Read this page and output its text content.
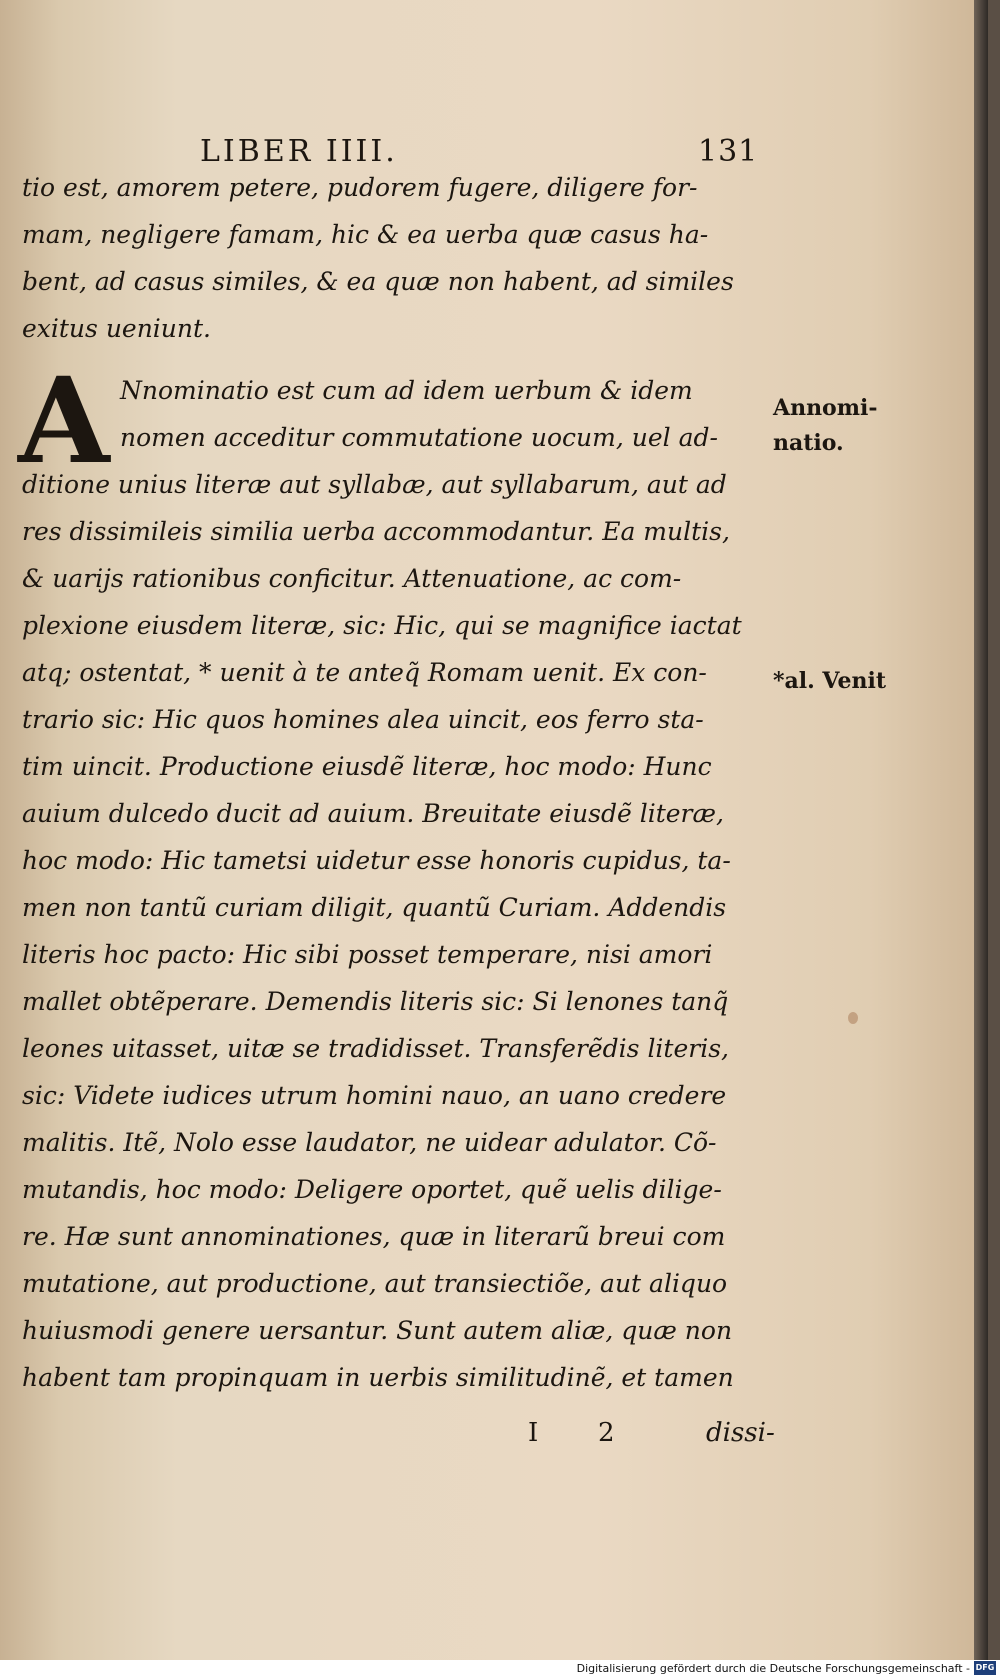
LIBER IIII.	131
tio est, amorem petere, pudorem fugere, diligere for-
mam, negligere famam, hic & ea uerba quæ casus ha-
bent, ad casus similes, & ea quæ non habent, ad similes
exitus ueniunt.
A Nnominatio est cum ad idem uerbum & idem
nomen acceditur commutatione uocum, uel ad-
ditione unius literæ aut syllabæ, aut syllabarum, aut ad
res dissimileis similia uerba accommodantur. Ea multis,
& uarijs rationibus conficitur. Attenuatione, ac com-
plexione eiusdem literæ, sic: Hic, qui se magnifice iactat
atq; ostentat, * uenit à te anteq̃ Romam uenit. Ex con-
trario sic: Hic quos homines alea uincit, eos ferro sta-
tim uincit. Productione eiusdẽ literæ, hoc modo: Hunc
auium dulcedo ducit ad auium. Breuitate eiusdẽ literæ,
hoc modo: Hic tametsi uidetur esse honoris cupidus, ta-
men non tantũ curiam diligit, quantũ Curiam. Addendis
literis hoc pacto: Hic sibi posset temperare, nisi amori
mallet obtẽperare. Demendis literis sic: Si lenones tanq̃
leones uitasset, uitæ se tradidisset. Transferẽdis literis,
sic: Videte iudices utrum homini nauo, an uano credere
malitis. Itẽ, Nolo esse laudator, ne uidear adulator. Cõ-
mutandis, hoc modo: Deligere oportet, quẽ uelis dilige-
re. Hæ sunt annominationes, quæ in literarũ breui com
mutatione, aut productione, aut transiectiõe, aut aliquo
huiusmodi genere uersantur. Sunt autem aliæ, quæ non
habent tam propinquam in uerbis similitudinẽ, et tamen
Annomi-
natio.
*al. Venit
I 2	dissi-
Digitalisierung gefördert durch die Deutsche Forschungsgemeinschaft - DFG
